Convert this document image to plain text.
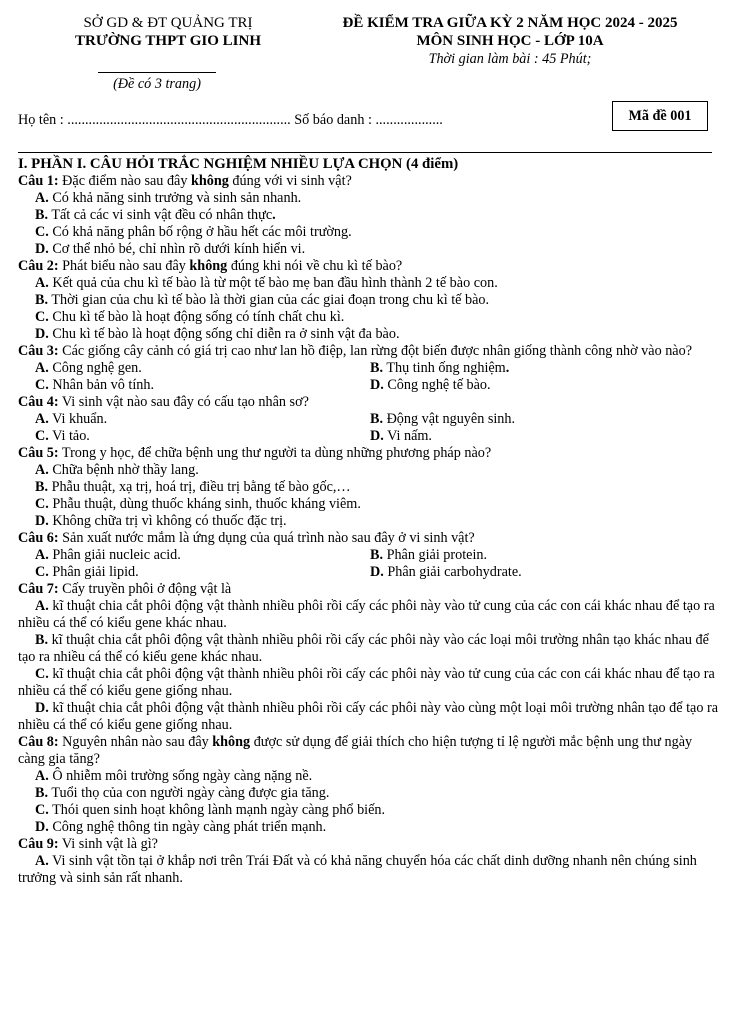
SỞ GD & ĐT QUẢNG TRỊ
TRƯỜNG THPT GIO LINH
(Đề có 3 trang)
ĐỀ KIỂM TRA GIỮA KỲ 2 NĂM HỌC 2024 - 2025
MÔN SINH HỌC - LỚP 10A
Thời gian làm bài : 45 Phút;
Họ tên : ............................................................... Số báo danh : ...................	Mã đề 001
I. PHẦN I. CÂU HỎI TRẮC NGHIỆM NHIỀU LỰA CHỌN (4 điểm)
Câu 1: Đặc điểm nào sau đây không đúng với vi sinh vật?
A. Có khả năng sinh trưởng và sinh sản nhanh.
B. Tất cả các vi sinh vật đều có nhân thực.
C. Có khả năng phân bố rộng ở hầu hết các môi trường.
D. Cơ thể nhỏ bé, chỉ nhìn rõ dưới kính hiển vi.
Câu 2: Phát biểu nào sau đây không đúng khi nói về chu kì tế bào?
A. Kết quả của chu kì tế bào là từ một tế bào mẹ ban đầu hình thành 2 tế bào con.
B. Thời gian của chu kì tế bào là thời gian của các giai đoạn trong chu kì tế bào.
C. Chu kì tế bào là hoạt động sống có tính chất chu kì.
D. Chu kì tế bào là hoạt động sống chỉ diễn ra ở sinh vật đa bào.
Câu 3: Các giống cây cảnh có giá trị cao như lan hồ điệp, lan rừng đột biến được nhân giống thành công nhờ vào nào?
A. Công nghệ gen.	B. Thụ tinh ống nghiệm.
C. Nhân bản vô tính.	D. Công nghệ tế bào.
Câu 4: Vi sinh vật nào sau đây có cấu tạo nhân sơ?
A. Vi khuẩn.	B. Động vật nguyên sinh.
C. Vi tảo.	D. Vi nấm.
Câu 5: Trong y học, để chữa bệnh ung thư người ta dùng những phương pháp nào?
A. Chữa bệnh nhờ thầy lang.
B. Phẫu thuật, xạ trị, hoá trị, điều trị bằng tế bào gốc,…
C. Phẫu thuật, dùng thuốc kháng sinh, thuốc kháng viêm.
D. Không chữa trị vì không có thuốc đặc trị.
Câu 6: Sản xuất nước mắm là ứng dụng của quá trình nào sau đây ở vi sinh vật?
A. Phân giải nucleic acid.	B. Phân giải protein.
C. Phân giải lipid.	D. Phân giải carbohydrate.
Câu 7: Cấy truyền phôi ở động vật là
A. kĩ thuật chia cắt phôi động vật thành nhiều phôi rồi cấy các phôi này vào tử cung của các con cái khác nhau để tạo ra nhiều cá thể có kiểu gene khác nhau.
B. kĩ thuật chia cắt phôi động vật thành nhiều phôi rồi cấy các phôi này vào các loại môi trường nhân tạo khác nhau để tạo ra nhiều cá thể có kiểu gene khác nhau.
C. kĩ thuật chia cắt phôi động vật thành nhiều phôi rồi cấy các phôi này vào tử cung của các con cái khác nhau để tạo ra nhiều cá thể có kiểu gene giống nhau.
D. kĩ thuật chia cắt phôi động vật thành nhiều phôi rồi cấy các phôi này vào cùng một loại môi trường nhân tạo để tạo ra nhiều cá thể có kiểu gene giống nhau.
Câu 8: Nguyên nhân nào sau đây không được sử dụng để giải thích cho hiện tượng tỉ lệ người mắc bệnh ung thư ngày càng gia tăng?
A. Ô nhiễm môi trường sống ngày càng nặng nề.
B. Tuổi thọ của con người ngày càng được gia tăng.
C. Thói quen sinh hoạt không lành mạnh ngày càng phổ biến.
D. Công nghệ thông tin ngày càng phát triển mạnh.
Câu 9: Vi sinh vật là gì?
A. Vi sinh vật tồn tại ở khắp nơi trên Trái Đất và có khả năng chuyển hóa các chất dinh dưỡng nhanh nên chúng sinh trưởng và sinh sản rất nhanh.
